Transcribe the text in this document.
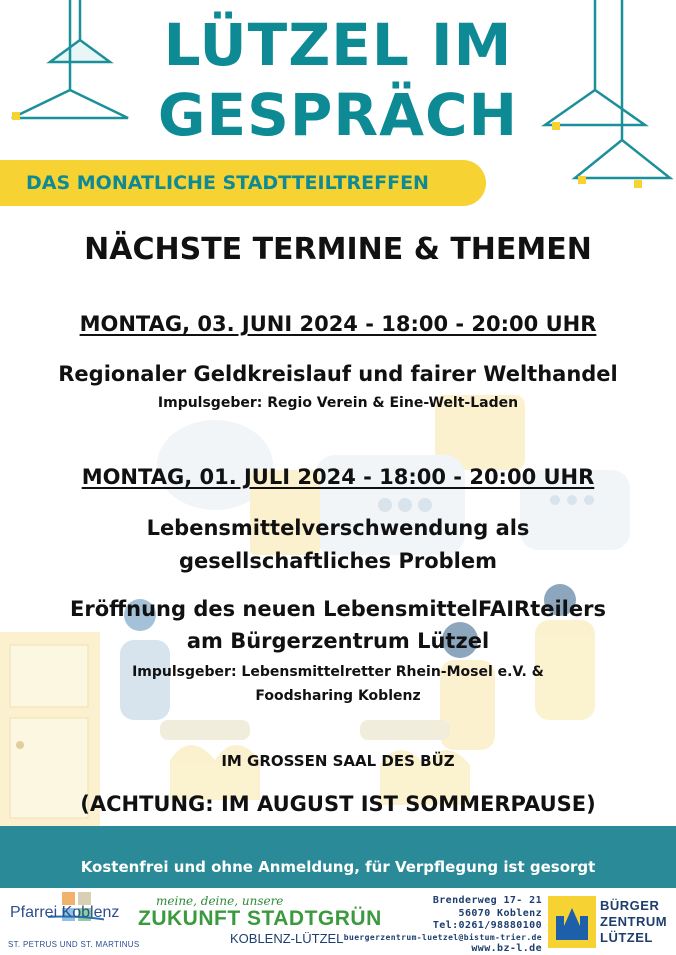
LÜTZEL IM
GESPRÄCH
DAS MONATLICHE STADTTEILTREFFEN
NÄCHSTE TERMINE & THEMEN
MONTAG, 03. JUNI 2024 - 18:00 - 20:00 UHR
Regionaler Geldkreislauf und fairer Welthandel
Impulsgeber: Regio Verein & Eine-Welt-Laden
MONTAG, 01. JULI 2024 - 18:00 - 20:00 UHR
Lebensmittelverschwendung als
gesellschaftliches Problem
Eröffnung des neuen LebensmittelFAIRteilers
am Bürgerzentrum Lützel
Impulsgeber: Lebensmittelretter Rhein-Mosel e.V. &
Foodsharing Koblenz
IM GROSSEN SAAL DES BÜZ
(ACHTUNG: IM AUGUST IST SOMMERPAUSE)
Kostenfrei und ohne Anmeldung, für Verpflegung ist gesorgt
Pfarrei Koblenz
ST. PETRUS UND ST. MARTINUS
meine, deine, unsere
ZUKUNFT STADTGRÜN
KOBLENZ-LÜTZEL
Brenderweg 17- 21
56070 Koblenz
Tel:0261/98880100
buergerzentrum-luetzel@bistum-trier.de
www.bz-l.de
BÜRGER
ZENTRUM
LÜTZEL
